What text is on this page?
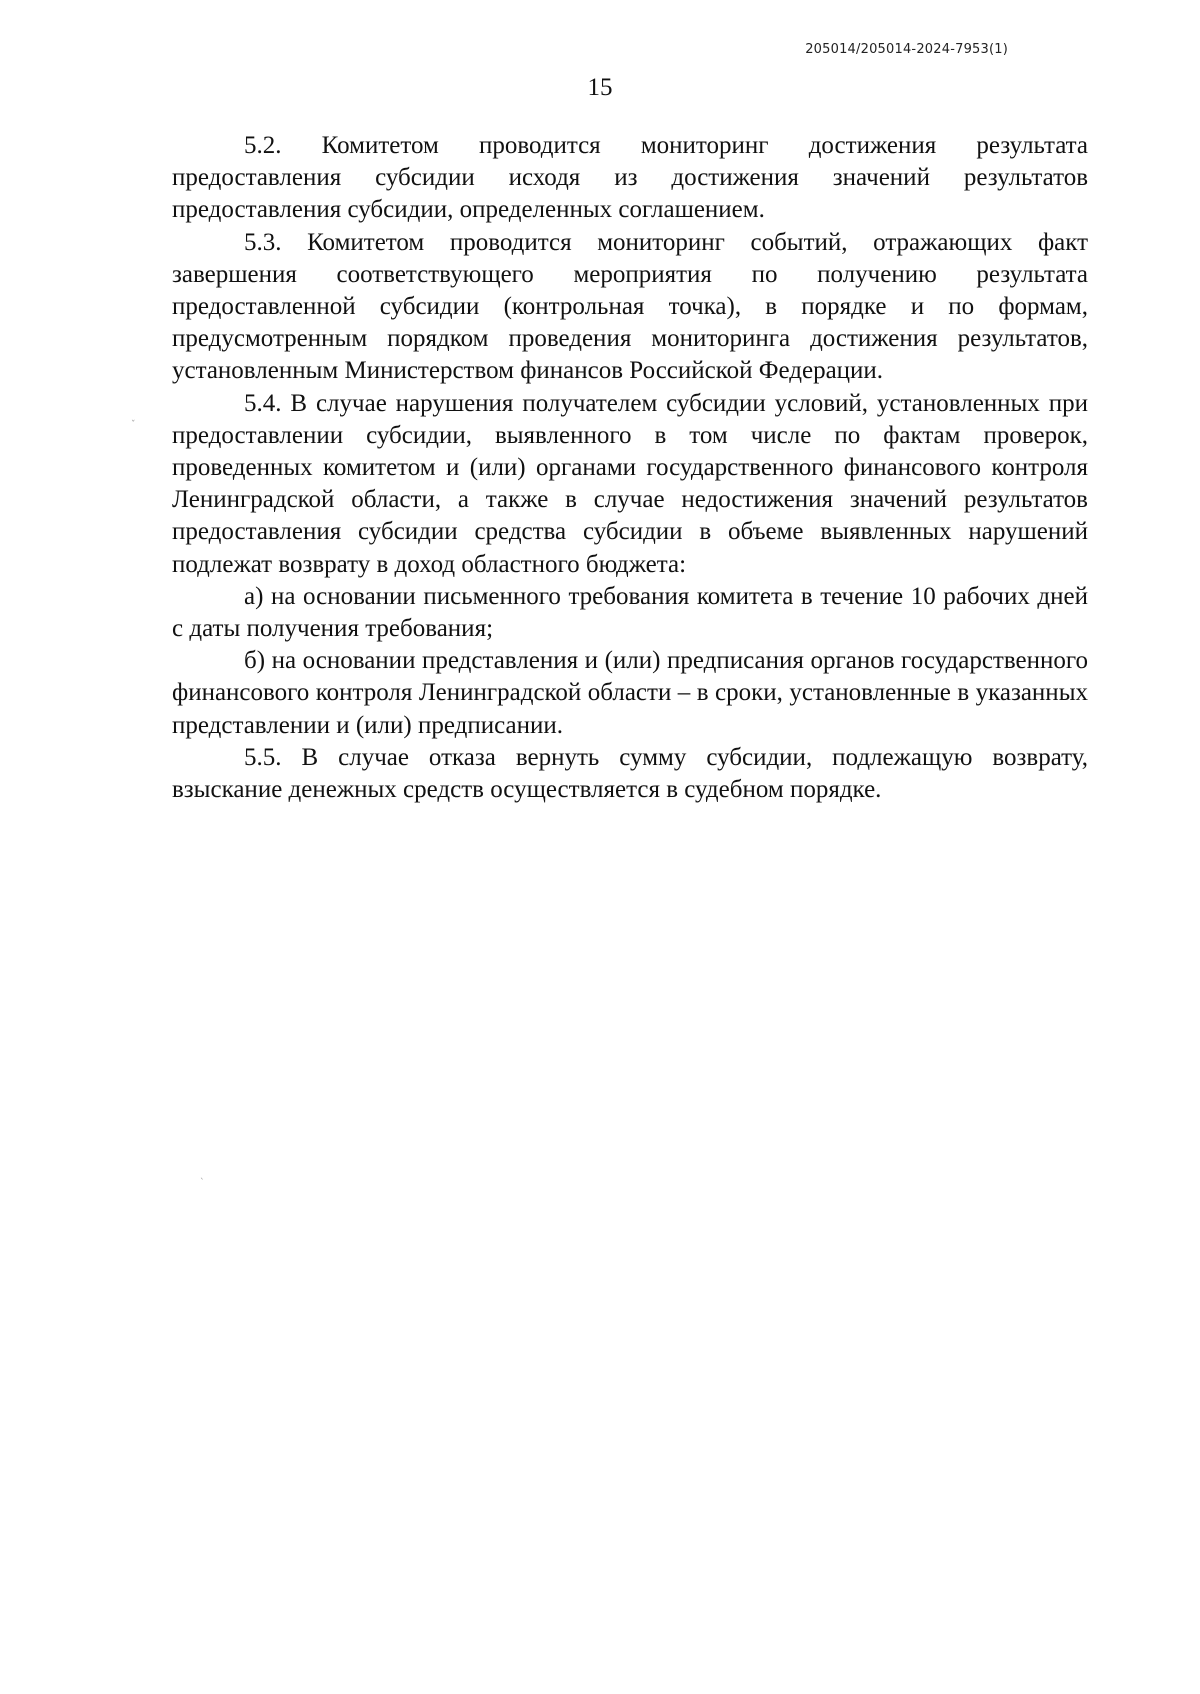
205014/205014-2024-7953(1)
15

5.2. Комитетом проводится мониторинг достижения результата предоставления субсидии исходя из достижения значений результатов предоставления субсидии, определенных соглашением.

5.3. Комитетом проводится мониторинг событий, отражающих факт завершения соответствующего мероприятия по получению результата предоставленной субсидии (контрольная точка), в порядке и по формам, предусмотренным порядком проведения мониторинга достижения результатов, установленным Министерством финансов Российской Федерации.

5.4. В случае нарушения получателем субсидии условий, установленных при предоставлении субсидии, выявленного в том числе по фактам проверок, проведенных комитетом и (или) органами государственного финансового контроля Ленинградской области, а также в случае недостижения значений результатов предоставления субсидии средства субсидии в объеме выявленных нарушений подлежат возврату в доход областного бюджета:

а) на основании письменного требования комитета в течение 10 рабочих дней с даты получения требования;

б) на основании представления и (или) предписания органов государственного финансового контроля Ленинградской области – в сроки, установленные в указанных представлении и (или) предписании.

5.5. В случае отказа вернуть сумму субсидии, подлежащую возврату, взыскание денежных средств осуществляется в судебном порядке.

ˇ
`
